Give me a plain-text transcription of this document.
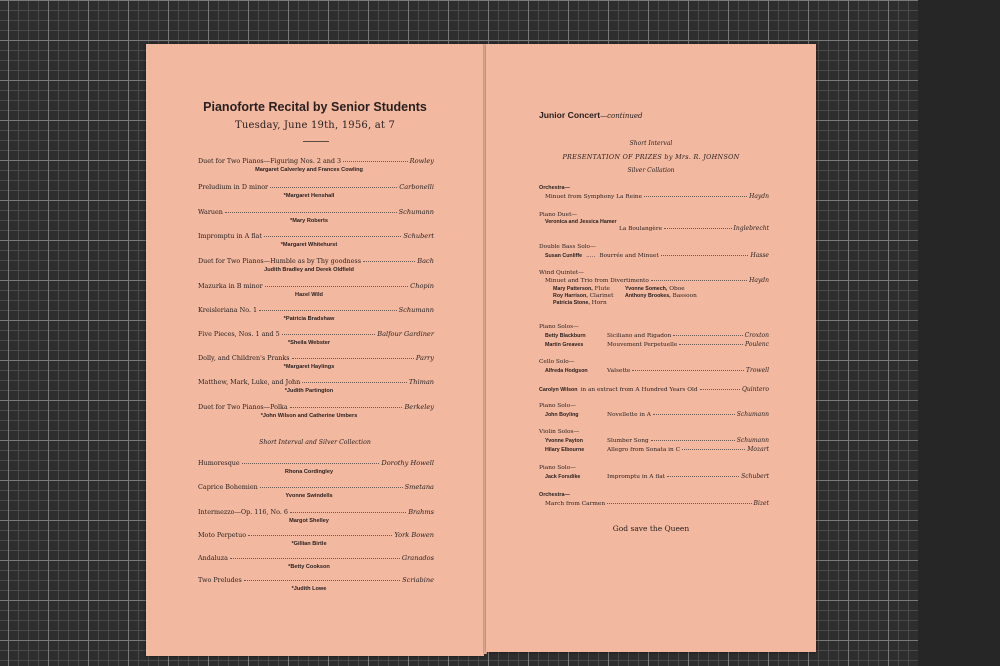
Pianoforte Recital by Senior Students
Tuesday, June 19th, 1956, at 7
Duet for Two Pianos—Figuring Nos. 2 and 3	Rowley
Margaret Calverley and Frances Cowling
Preludium in D minor	Carbonelli
*Margaret Henshall
Waruen	Schumann
*Mary Roberts
Impromptu in A flat	Schubert
*Margaret Whitehurst
Duet for Two Pianos—Humble as by Thy goodness	Bach
Judith Bradley and Derek Oldfield
Mazurka in B minor	Chopin
Hazel Wild
Kreisleriana No. 1	Schumann
*Patricia Bradshaw
Five Pieces, Nos. 1 and 5	Balfour Gardiner
*Sheila Webster
Dolly, and Children's Pranks	Parry
*Margaret Haylings
Matthew, Mark, Luke, and John	Thiman
*Judith Partington
Duet for Two Pianos—Polka	Berkeley
*John Wilson and Catherine Umbers
Short Interval and Silver Collection
Humoresque	Dorothy Howell
Rhona Cordingley
Caprice Bohemien	Smetana
Yvonne Swindells
Intermezzo—Op. 116, No. 6	Brahms
Margot Shelley
Moto Perpetuo	York Bowen
*Gillian Birtle
Andaluza	Granados
*Betty Cookson
Two Preludes	Scriabine
*Judith Lowe
Junior Concert—continued
Short Interval
PRESENTATION OF PRIZES by Mrs. R. JOHNSON
Silver Collation
Orchestra—
Minuet from Symphony La Reine	Haydn
Piano Duet—
Veronica and Jessica Hamer
La Boulangère	Inglebrecht
Double Bass Solo—
Susan Cunliffe ..... Bourrée and Minuet	Hasse
Wind Quintet—
Minuet and Trio from Divertimento	Haydn
Mary Patterson, Flute	Yvonne Somech, Oboe
Roy Harrison, Clarinet	Anthony Brookes, Bassoon
Patricia Stone, Horn
Piano Solos—
Betty Blackburn	Siciliano and Rigadon	Croxton
Martin Greaves	Mouvement Perpetuelle	Poulenc
Cello Solo—
Alfreda Hodgson	Valsette	Trowell
Carolyn Wilson in an extract from A Hundred Years Old	Quintero
Piano Solo—
John Boyling	Novellette in A	Schumann
Violin Solos—
Yvonne Payton	Slumber Song	Schumann
Hilary Elbourne	Allegro from Sonata in C	Mozart
Piano Solo—
Jack Forsdike	Impromptu in A flat	Schubert
Orchestra—
March from Carmen	Bizet
God save the Queen
